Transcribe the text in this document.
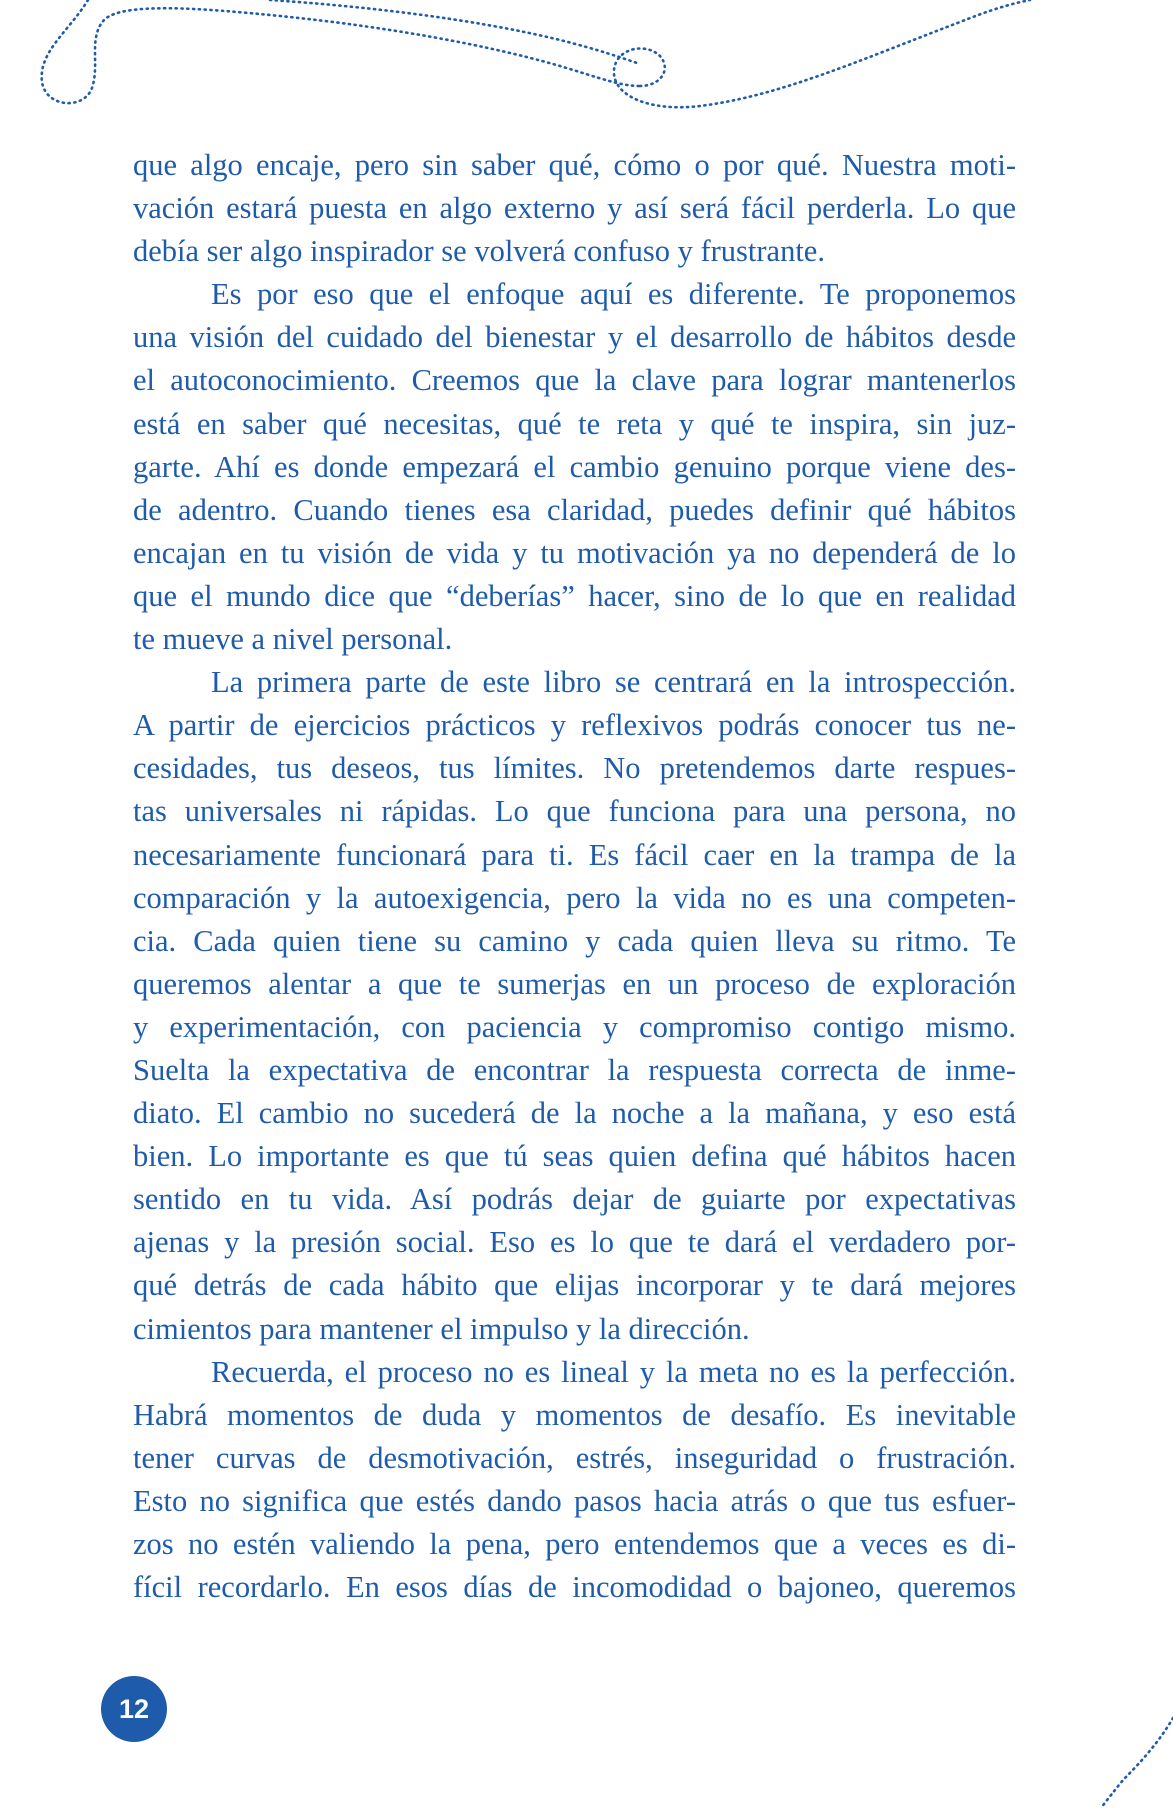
que algo encaje, pero sin saber qué, cómo o por qué. Nuestra moti-
vación estará puesta en algo externo y así será fácil perderla. Lo que
debía ser algo inspirador se volverá confuso y frustrante.
Es por eso que el enfoque aquí es diferente. Te proponemos
una visión del cuidado del bienestar y el desarrollo de hábitos desde
el autoconocimiento. Creemos que la clave para lograr mantenerlos
está en saber qué necesitas, qué te reta y qué te inspira, sin juz-
garte. Ahí es donde empezará el cambio genuino porque viene des-
de adentro. Cuando tienes esa claridad, puedes definir qué hábitos
encajan en tu visión de vida y tu motivación ya no dependerá de lo
que el mundo dice que “deberías” hacer, sino de lo que en realidad
te mueve a nivel personal.
La primera parte de este libro se centrará en la introspección.
A partir de ejercicios prácticos y reflexivos podrás conocer tus ne-
cesidades, tus deseos, tus límites. No pretendemos darte respues-
tas universales ni rápidas. Lo que funciona para una persona, no
necesariamente funcionará para ti. Es fácil caer en la trampa de la
comparación y la autoexigencia, pero la vida no es una competen-
cia. Cada quien tiene su camino y cada quien lleva su ritmo. Te
queremos alentar a que te sumerjas en un proceso de exploración
y experimentación, con paciencia y compromiso contigo mismo.
Suelta la expectativa de encontrar la respuesta correcta de inme-
diato. El cambio no sucederá de la noche a la mañana, y eso está
bien. Lo importante es que tú seas quien defina qué hábitos hacen
sentido en tu vida. Así podrás dejar de guiarte por expectativas
ajenas y la presión social. Eso es lo que te dará el verdadero por-
qué detrás de cada hábito que elijas incorporar y te dará mejores
cimientos para mantener el impulso y la dirección.
Recuerda, el proceso no es lineal y la meta no es la perfección.
Habrá momentos de duda y momentos de desafío. Es inevitable
tener curvas de desmotivación, estrés, inseguridad o frustración.
Esto no significa que estés dando pasos hacia atrás o que tus esfuer-
zos no estén valiendo la pena, pero entendemos que a veces es di-
fícil recordarlo. En esos días de incomodidad o bajoneo, queremos
12
